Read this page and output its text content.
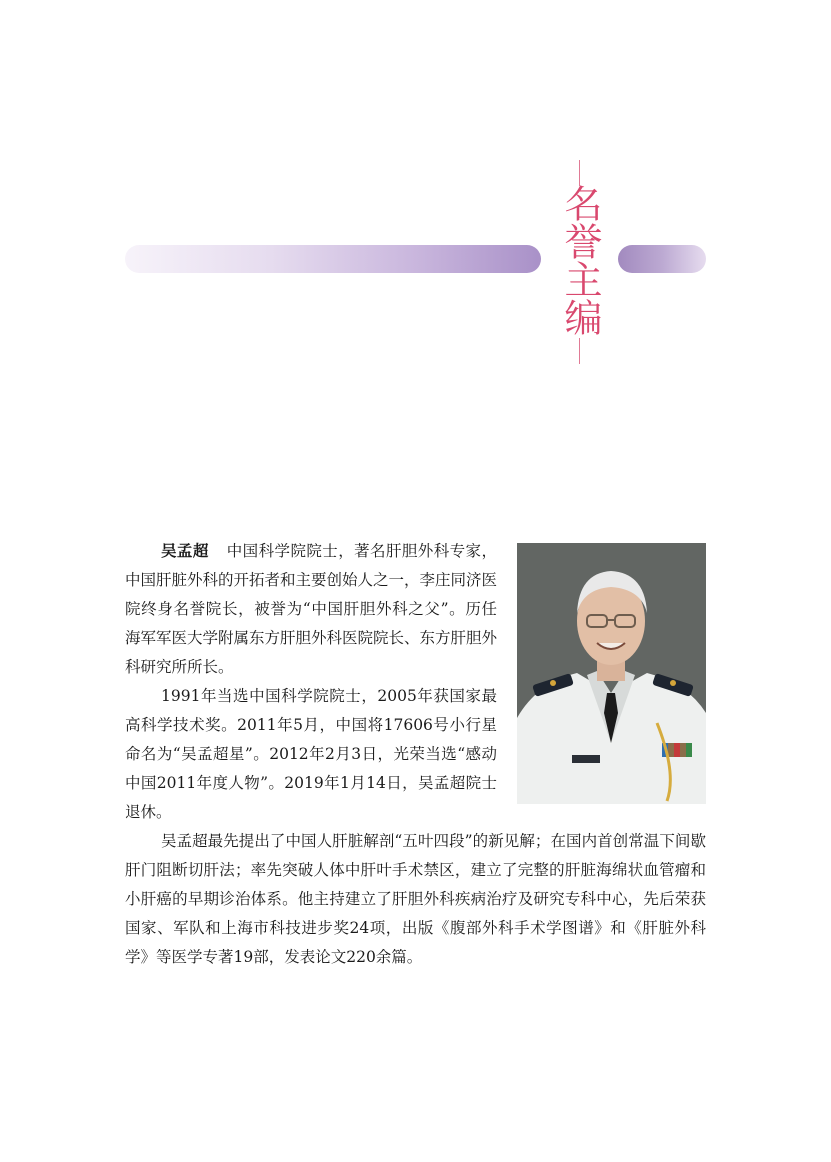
名誉主编

吴孟超 中国科学院院士，著名肝胆外科专家，中国肝脏外科的开拓者和主要创始人之一，李庄同济医院终身名誉院长，被誉为“中国肝胆外科之父”。历任海军军医大学附属东方肝胆外科医院院长、东方肝胆外科研究所所长。

1991年当选中国科学院院士，2005年获国家最高科学技术奖。2011年5月，中国将17606号小行星命名为“吴孟超星”。2012年2月3日，光荣当选“感动中国2011年度人物”。2019年1月14日，吴孟超院士退休。

吴孟超最先提出了中国人肝脏解剖“五叶四段”的新见解；在国内首创常温下间歇肝门阻断切肝法；率先突破人体中肝叶手术禁区，建立了完整的肝脏海绵状血管瘤和小肝癌的早期诊治体系。他主持建立了肝胆外科疾病治疗及研究专科中心，先后荣获国家、军队和上海市科技进步奖24项，出版《腹部外科手术学图谱》和《肝脏外科学》等医学专著19部，发表论文220余篇。
